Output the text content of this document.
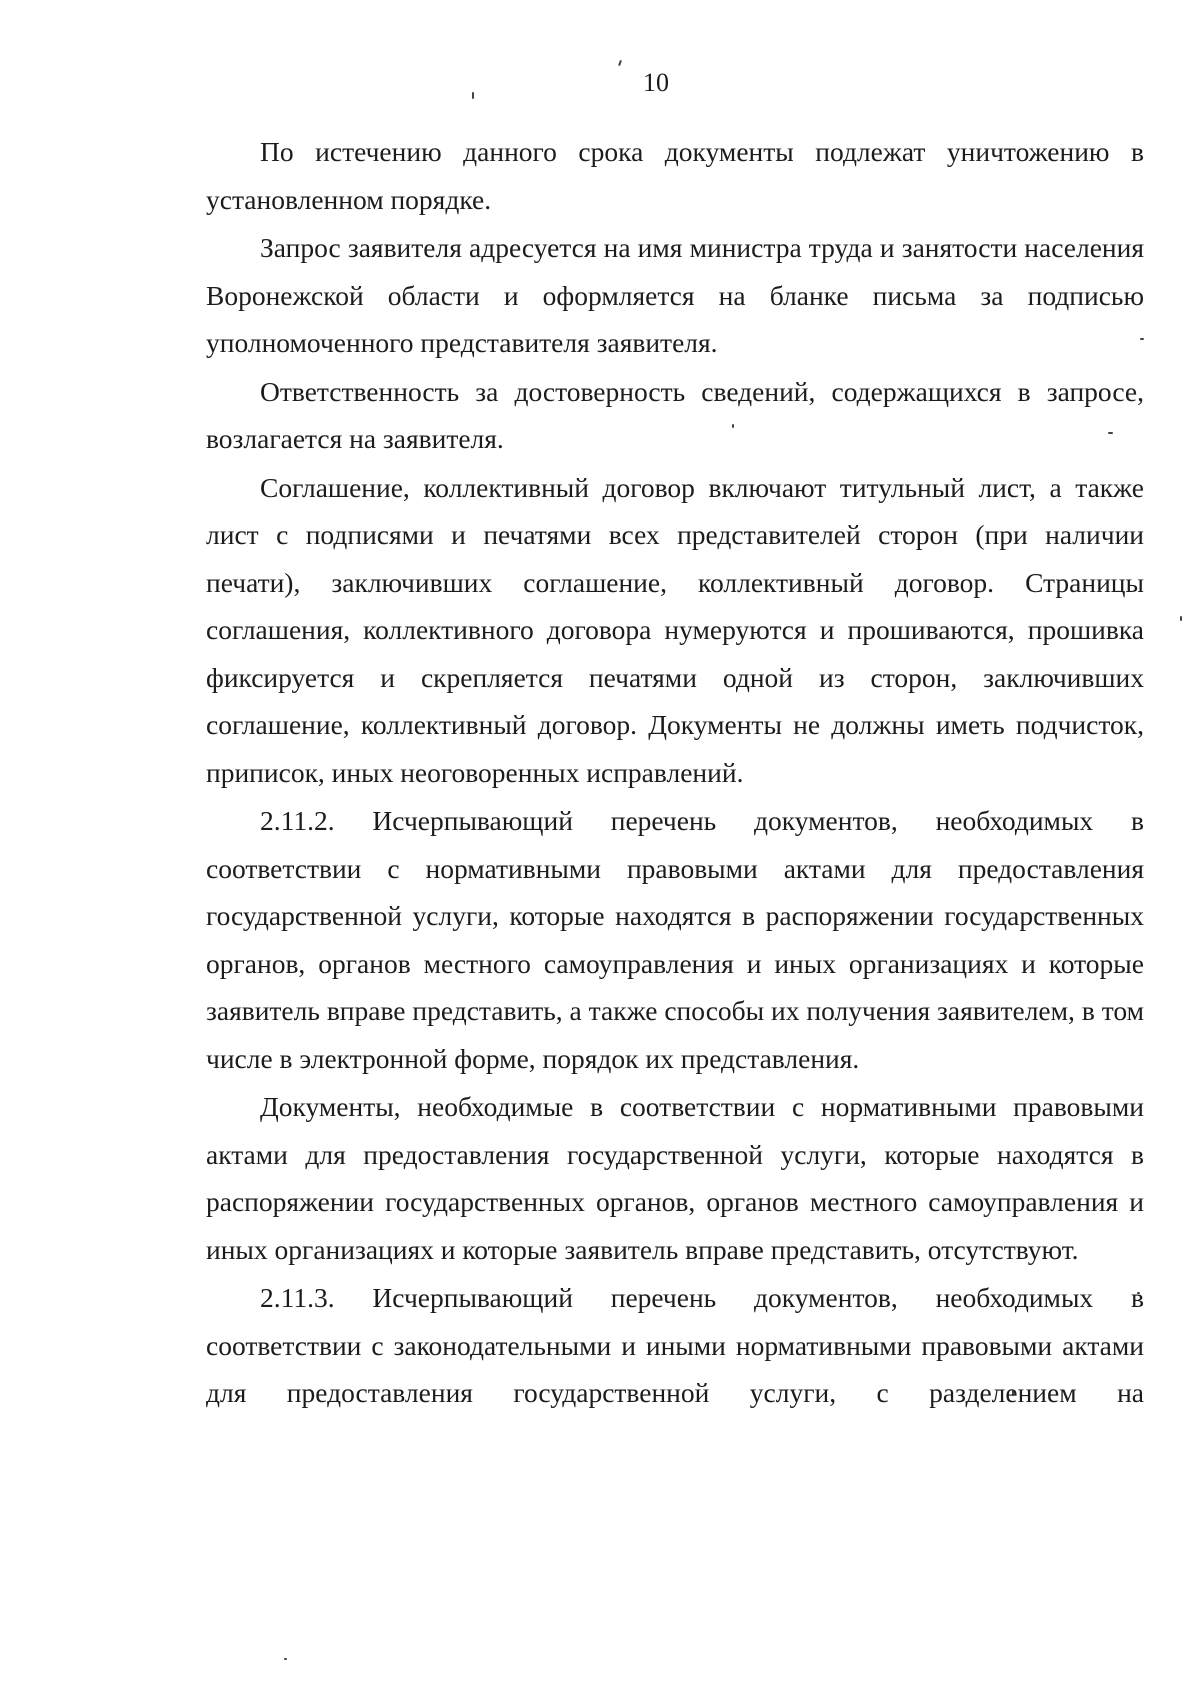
10

По истечению данного срока документы подлежат уничтожению в установленном порядке.

Запрос заявителя адресуется на имя министра труда и занятости населения Воронежской области и оформляется на бланке письма за подписью уполномоченного представителя заявителя.

Ответственность за достоверность сведений, содержащихся в запросе, возлагается на заявителя.

Соглашение, коллективный договор включают титульный лист, а также лист с подписями и печатями всех представителей сторон (при наличии печати), заключивших соглашение, коллективный договор. Страницы соглашения, коллективного договора нумеруются и прошиваются, прошивка фиксируется и скрепляется печатями одной из сторон, заключивших соглашение, коллективный договор. Документы не должны иметь подчисток, приписок, иных неоговоренных исправлений.

2.11.2. Исчерпывающий перечень документов, необходимых в соответствии с нормативными правовыми актами для предоставления государственной услуги, которые находятся в распоряжении государственных органов, органов местного самоуправления и иных организациях и которые заявитель вправе представить, а также способы их получения заявителем, в том числе в электронной форме, порядок их представления.

Документы, необходимые в соответствии с нормативными правовыми актами для предоставления государственной услуги, которые находятся в распоряжении государственных органов, органов местного самоуправления и иных организациях и которые заявитель вправе представить, отсутствуют.

2.11.3. Исчерпывающий перечень документов, необходимых в соответствии с законодательными и иными нормативными правовыми актами для предоставления государственной услуги, с разделением на
